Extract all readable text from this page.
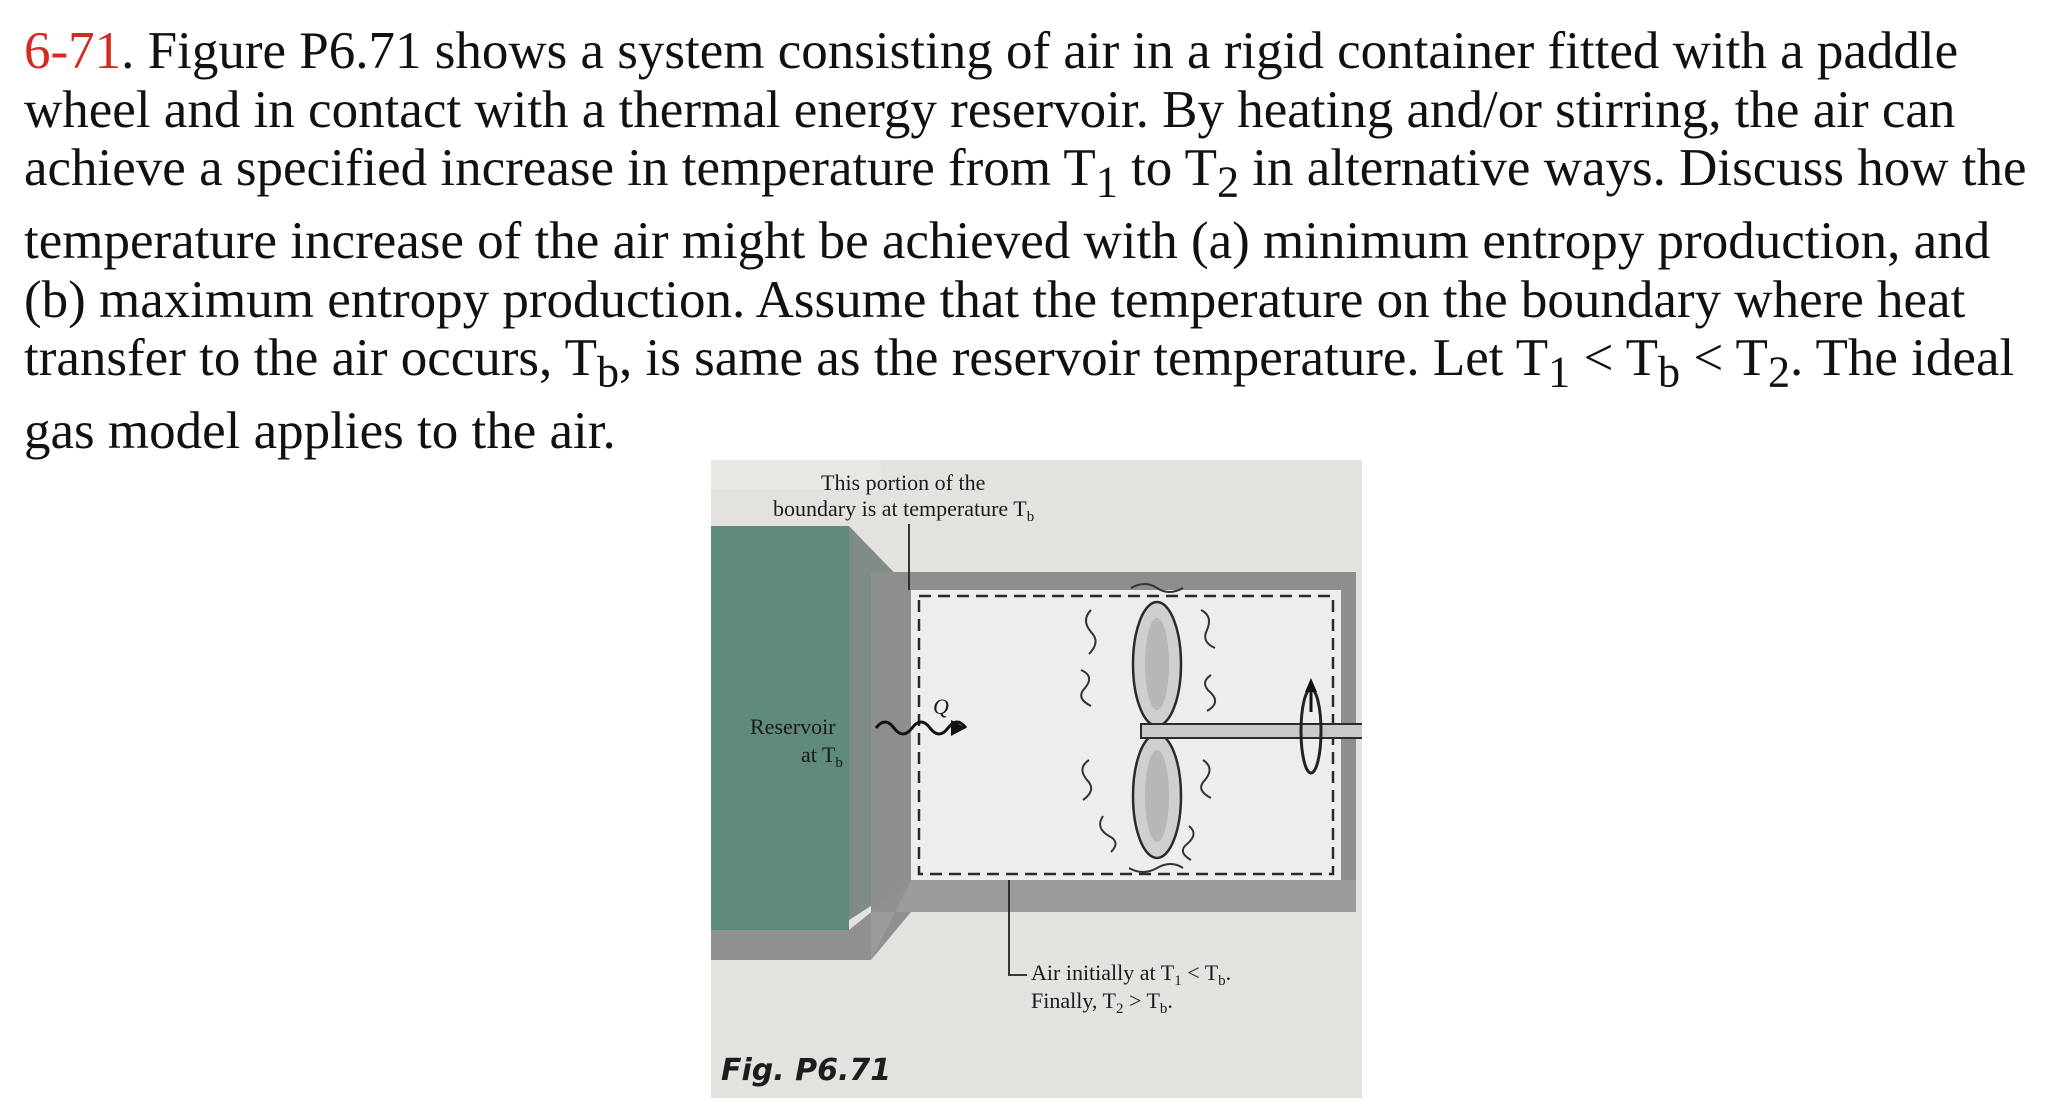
6-71. Figure P6.71 shows a system consisting of air in a rigid container fitted with a paddle
wheel and in contact with a thermal energy reservoir. By heating and/or stirring, the air can
achieve a specified increase in temperature from $T_1$ to $T_2$ in alternative ways. Discuss how the
temperature increase of the air might be achieved with (a) minimum entropy production, and
(b) maximum entropy production. Assume that the temperature on the boundary where heat
transfer to the air occurs, $T_b$, is same as the reservoir temperature. Let $T_1 < T_b < T_2$. The ideal
gas model applies to the air.
This portion of the
boundary is at temperature $T_b$
Reservoir
at $T_b$
Q
Air initially at $T_1 < T_b$.
Finally, $T_2 > T_b$.
Fig. P6.71
